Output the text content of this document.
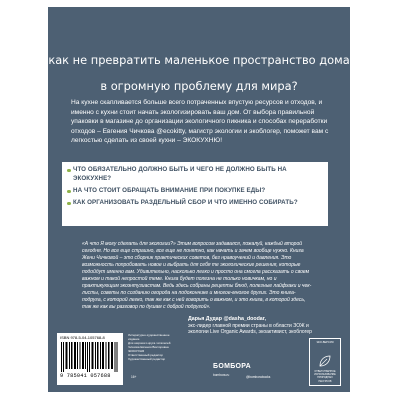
как не превратить маленькое пространство дома
в огромную проблему для мира?

На кухне скапливается больше всего потраченных впустую ресурсов и отходов, и именно с кухни стоит начать экологизировать ваш дом. От выбора правильной упаковки в магазине до организации экологичного пикника и способах переработки отходов – Евгения Чичкова @ecokitty, магистр экологии и экоблогер, поможет вам с легкостью сделать из своей кухни – ЭКОКУХНЮ!

ЧТО ОБЯЗАТЕЛЬНО ДОЛЖНО БЫТЬ И ЧЕГО НЕ ДОЛЖНО БЫТЬ НА ЭКОКУХНЕ?
НА ЧТО СТОИТ ОБРАЩАТЬ ВНИМАНИЕ ПРИ ПОКУПКЕ ЕДЫ?
КАК ОРГАНИЗОВАТЬ РАЗДЕЛЬНЫЙ СБОР И ЧТО ИМЕННО СОБИРАТЬ?

«А что Я могу сделать для экологии?» Этим вопросом задавался, пожалуй, каждый второй сегодня. Но все еще страшно, все еще не понятно, как начать и зачем вообще нужно. Книга Жени Чичковой – это сборник практических советов, без нравоучений и давления. Это возможность попробовать новое и выбрать для себя те экологические решения, которые подойдут именно вам. Удивительно, насколько легко и просто она смогла рассказать о своем важном и такой непростой теме. Книга будет полезна не только новичкам, но и практикующим экоэнтузиастам. Ведь здесь собраны рецепты блюд, полезные лайфхаки и чек-листы, советы по созданию огорода на подоконнике и многое-многое других. Это книга-подруга, с которой легко, так же как с ней говорить о важном, и это книга, в которой здесь, так же как вы разговор по душам с доброй подругой».

Дарья Дудар @dasha_doodar,
экс-лидер главной премии страны в области ЗОЖ и экологии Live Organic Awards, экоактивист, экоблогер
ISBN 978-5-04-105768-8
9 785041 057688
Литературно-художественное издание
Для широкого круга читателей
Чичкова Евгения Викторовна
ЭКОКУХНЯ
Ответственный редактор
Художественный редактор
16+
БОМБОРА
bombora.ru	@bomborabooks
ЭКО-ВЕРСИЯ
ОТВЕТСТВЕННОЕ ИСПОЛЬЗОВАНИЕ ПРИРОДНЫХ РЕСУРСОВ
